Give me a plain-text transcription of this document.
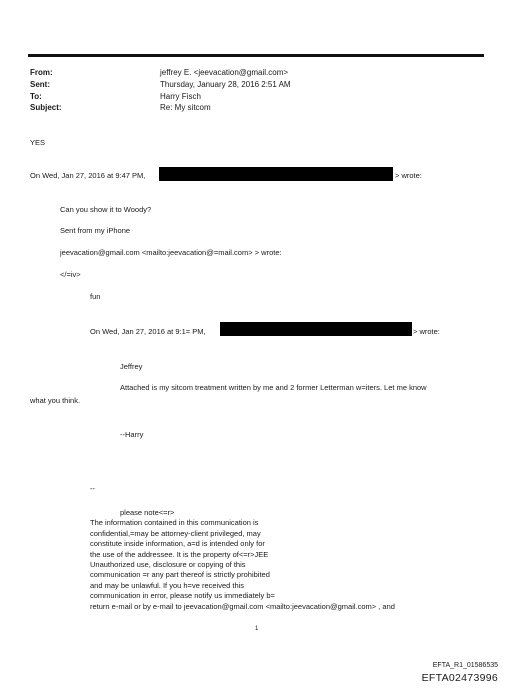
From:	jeffrey E. <jeevacation@gmail.com>
Sent:	Thursday, January 28, 2016 2:51 AM
To:	Harry Fisch
Subject:	Re: My sitcom
YES
On Wed, Jan 27, 2016 at 9:47 PM,	> wrote:
Can you show it to Woody?
Sent from my iPhone
jeevacation@gmail.com <mailto:jeevacation@=mail.com> > wrote:
</=iv>
fun
On Wed, Jan 27, 2016 at 9:1= PM,	> wrote:
Jeffrey
Attached is my sitcom treatment written by me and 2 former Letterman w=iters. Let me know
what you think.
--Harry
--
please note<=r>
The information contained in this communication is
confidential,=may be attorney-client privileged, may
constitute inside information, a=d is intended only for
the use of the addressee. It is the property of<=r>JEE
Unauthorized use, disclosure or copying of this
communication =r any part thereof is strictly prohibited
and may be unlawful. If you h=ve received this
communication in error, please notify us immediately b=
return e-mail or by e-mail to jeevacation@gmail.com <mailto:jeevacation@gmail.com> , and
1
EFTA_R1_01586535
EFTA02473996
